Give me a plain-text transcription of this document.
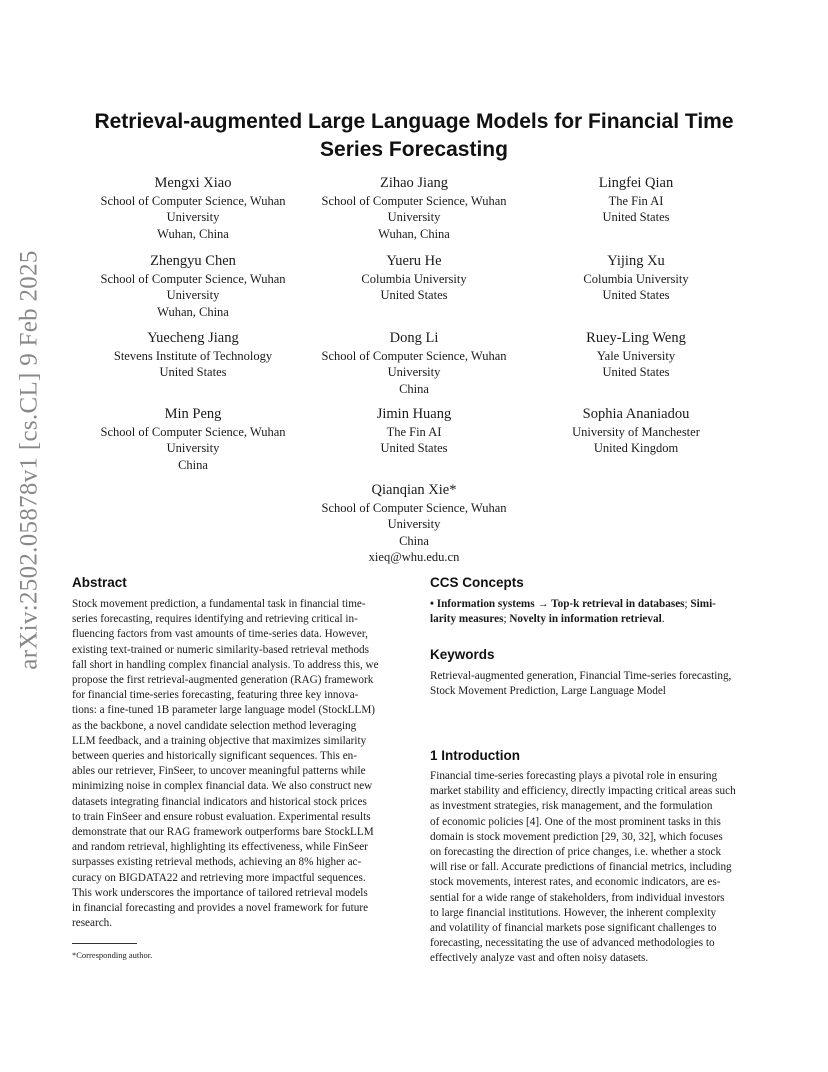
arXiv:2502.05878v1 [cs.CL] 9 Feb 2025
Retrieval-augmented Large Language Models for Financial Time
Series Forecasting
Mengxi Xiao
School of Computer Science, Wuhan
University
Wuhan, China
Zihao Jiang
School of Computer Science, Wuhan
University
Wuhan, China
Lingfei Qian
The Fin AI
United States
Zhengyu Chen
School of Computer Science, Wuhan
University
Wuhan, China
Yueru He
Columbia University
United States
Yijing Xu
Columbia University
United States
Yuecheng Jiang
Stevens Institute of Technology
United States
Dong Li
School of Computer Science, Wuhan
University
China
Ruey-Ling Weng
Yale University
United States
Min Peng
School of Computer Science, Wuhan
University
China
Jimin Huang
The Fin AI
United States
Sophia Ananiadou
University of Manchester
United Kingdom
Qianqian Xie*
School of Computer Science, Wuhan
University
China
xieq@whu.edu.cn
Abstract
Stock movement prediction, a fundamental task in financial time-
series forecasting, requires identifying and retrieving critical in-
fluencing factors from vast amounts of time-series data. However,
existing text-trained or numeric similarity-based retrieval methods
fall short in handling complex financial analysis. To address this, we
propose the first retrieval-augmented generation (RAG) framework
for financial time-series forecasting, featuring three key innova-
tions: a fine-tuned 1B parameter large language model (StockLLM)
as the backbone, a novel candidate selection method leveraging
LLM feedback, and a training objective that maximizes similarity
between queries and historically significant sequences. This en-
ables our retriever, FinSeer, to uncover meaningful patterns while
minimizing noise in complex financial data. We also construct new
datasets integrating financial indicators and historical stock prices
to train FinSeer and ensure robust evaluation. Experimental results
demonstrate that our RAG framework outperforms bare StockLLM
and random retrieval, highlighting its effectiveness, while FinSeer
surpasses existing retrieval methods, achieving an 8% higher ac-
curacy on BIGDATA22 and retrieving more impactful sequences.
This work underscores the importance of tailored retrieval models
in financial forecasting and provides a novel framework for future
research.
*Corresponding author.
CCS Concepts
• Information systems → Top-k retrieval in databases; Simi-
larity measures; Novelty in information retrieval.
Keywords
Retrieval-augmented generation, Financial Time-series forecasting,
Stock Movement Prediction, Large Language Model
1 Introduction
Financial time-series forecasting plays a pivotal role in ensuring
market stability and efficiency, directly impacting critical areas such
as investment strategies, risk management, and the formulation
of economic policies [4]. One of the most prominent tasks in this
domain is stock movement prediction [29, 30, 32], which focuses
on forecasting the direction of price changes, i.e. whether a stock
will rise or fall. Accurate predictions of financial metrics, including
stock movements, interest rates, and economic indicators, are es-
sential for a wide range of stakeholders, from individual investors
to large financial institutions. However, the inherent complexity
and volatility of financial markets pose significant challenges to
forecasting, necessitating the use of advanced methodologies to
effectively analyze vast and often noisy datasets.
